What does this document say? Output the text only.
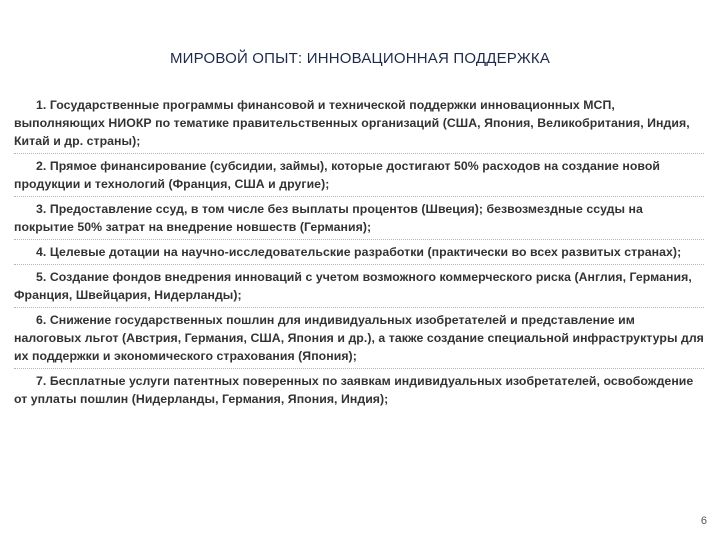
МИРОВОЙ ОПЫТ: ИННОВАЦИОННАЯ ПОДДЕРЖКА
1. Государственные программы финансовой и технической поддержки инновационных МСП, выполняющих НИОКР по тематике правительственных организаций (США, Япония, Великобритания, Индия, Китай и др. страны);
2. Прямое финансирование (субсидии, займы), которые достигают 50% расходов на создание новой продукции и технологий (Франция, США и другие);
3. Предоставление ссуд, в том числе без выплаты процентов (Швеция); безвозмездные ссуды на покрытие 50% затрат на внедрение новшеств (Германия);
4. Целевые дотации на научно-исследовательские разработки (практически во всех развитых странах);
5. Создание фондов внедрения инноваций с учетом возможного коммерческого риска (Англия, Германия, Франция, Швейцария, Нидерланды);
6. Снижение государственных пошлин для индивидуальных изобретателей и представление им налоговых льгот (Австрия, Германия, США, Япония и др.), а также создание специальной инфраструктуры для их поддержки и экономического страхования (Япония);
7. Бесплатные услуги патентных поверенных по заявкам индивидуальных изобретателей, освобождение от уплаты пошлин (Нидерланды, Германия, Япония, Индия);
6
